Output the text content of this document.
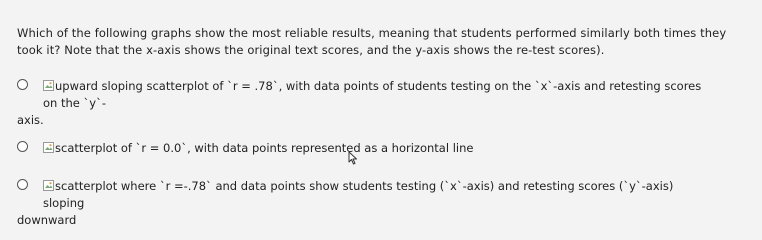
Which of the following graphs show the most reliable results, meaning that students performed similarly both times they took it? Note that the x-axis shows the original text scores, and the y-axis shows the re-test scores).
upward sloping scatterplot of `r = .78`, with data points of students testing on the `x`-axis and retesting scores on the `y`-
axis.
scatterplot of `r = 0.0`, with data points represented as a horizontal line
scatterplot where `r =-.78` and data points show students testing (`x`-axis) and retesting scores (`y`-axis) sloping
downward
